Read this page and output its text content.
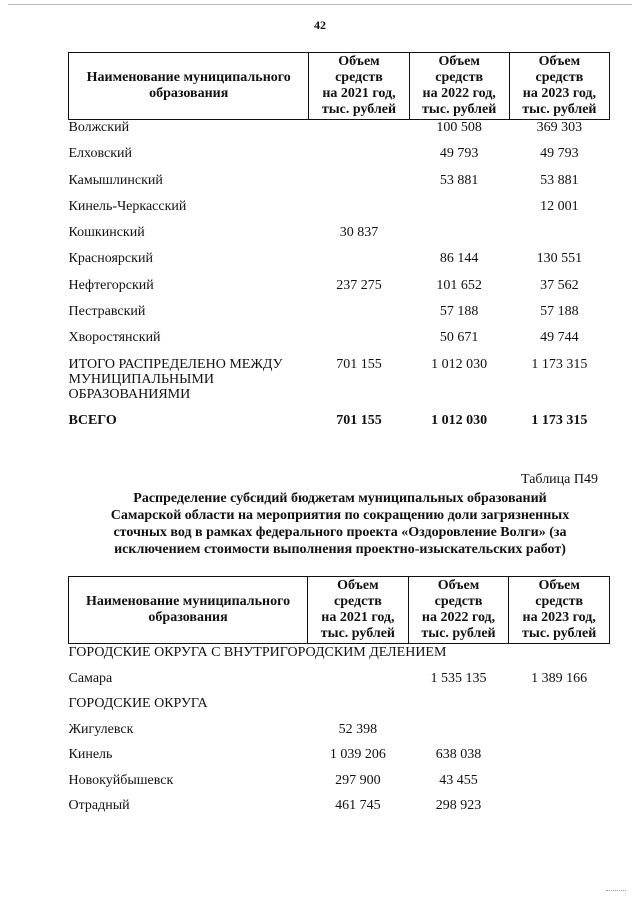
42
Наименование муниципального образования	Объем
средств
на 2021 год,
тыс. рублей	Объем
средств
на 2022 год,
тыс. рублей	Объем
средств
на 2023 год,
тыс. рублей
Волжский		100 508	369 303
Елховский		49 793	49 793
Камышлинский		53 881	53 881
Кинель-Черкасский			12 001
Кошкинский	30 837		
Красноярский		86 144	130 551
Нефтегорский	237 275	101 652	37 562
Пестравский		57 188	57 188
Хворостянский		50 671	49 744
ИТОГО РАСПРЕДЕЛЕНО МЕЖДУ
МУНИЦИПАЛЬНЫМИ
ОБРАЗОВАНИЯМИ	701 155	1 012 030	1 173 315
ВСЕГО	701 155	1 012 030	1 173 315
Таблица П49
Распределение субсидий бюджетам муниципальных образований
Самарской области на мероприятия по сокращению доли загрязненных
сточных вод в рамках федерального проекта «Оздоровление Волги» (за
исключением стоимости выполнения проектно-изыскательских работ)
Наименование муниципального образования	Объем
средств
на 2021 год,
тыс. рублей	Объем
средств
на 2022 год,
тыс. рублей	Объем
средств
на 2023 год,
тыс. рублей
ГОРОДСКИЕ ОКРУГА С ВНУТРИГОРОДСКИМ ДЕЛЕНИЕМ			
Самара		1 535 135	1 389 166
ГОРОДСКИЕ ОКРУГА			
Жигулевск	52 398		
Кинель	1 039 206	638 038	
Новокуйбышевск	297 900	43 455	
Отрадный	461 745	298 923	
